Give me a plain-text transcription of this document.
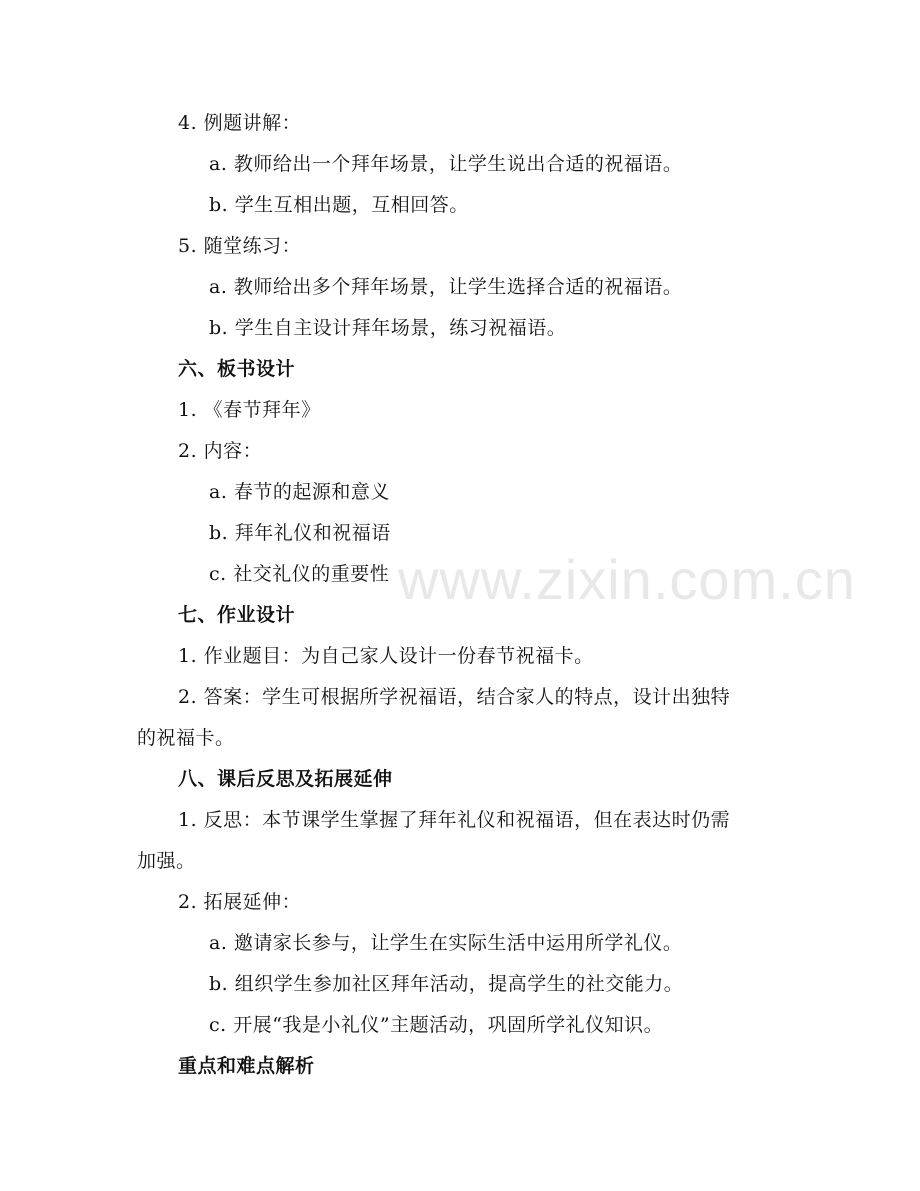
www.zixin.com.cn
4. 例题讲解：
a. 教师给出一个拜年场景，让学生说出合适的祝福语。
b. 学生互相出题，互相回答。
5. 随堂练习：
a. 教师给出多个拜年场景，让学生选择合适的祝福语。
b. 学生自主设计拜年场景，练习祝福语。
六、板书设计
1. 《春节拜年》
2. 内容：
a. 春节的起源和意义
b. 拜年礼仪和祝福语
c. 社交礼仪的重要性
七、作业设计
1. 作业题目：为自己家人设计一份春节祝福卡。
2. 答案：学生可根据所学祝福语，结合家人的特点，设计出独特
的祝福卡。
八、课后反思及拓展延伸
1. 反思：本节课学生掌握了拜年礼仪和祝福语，但在表达时仍需
加强。
2. 拓展延伸：
a. 邀请家长参与，让学生在实际生活中运用所学礼仪。
b. 组织学生参加社区拜年活动，提高学生的社交能力。
c. 开展“我是小礼仪”主题活动，巩固所学礼仪知识。
重点和难点解析
